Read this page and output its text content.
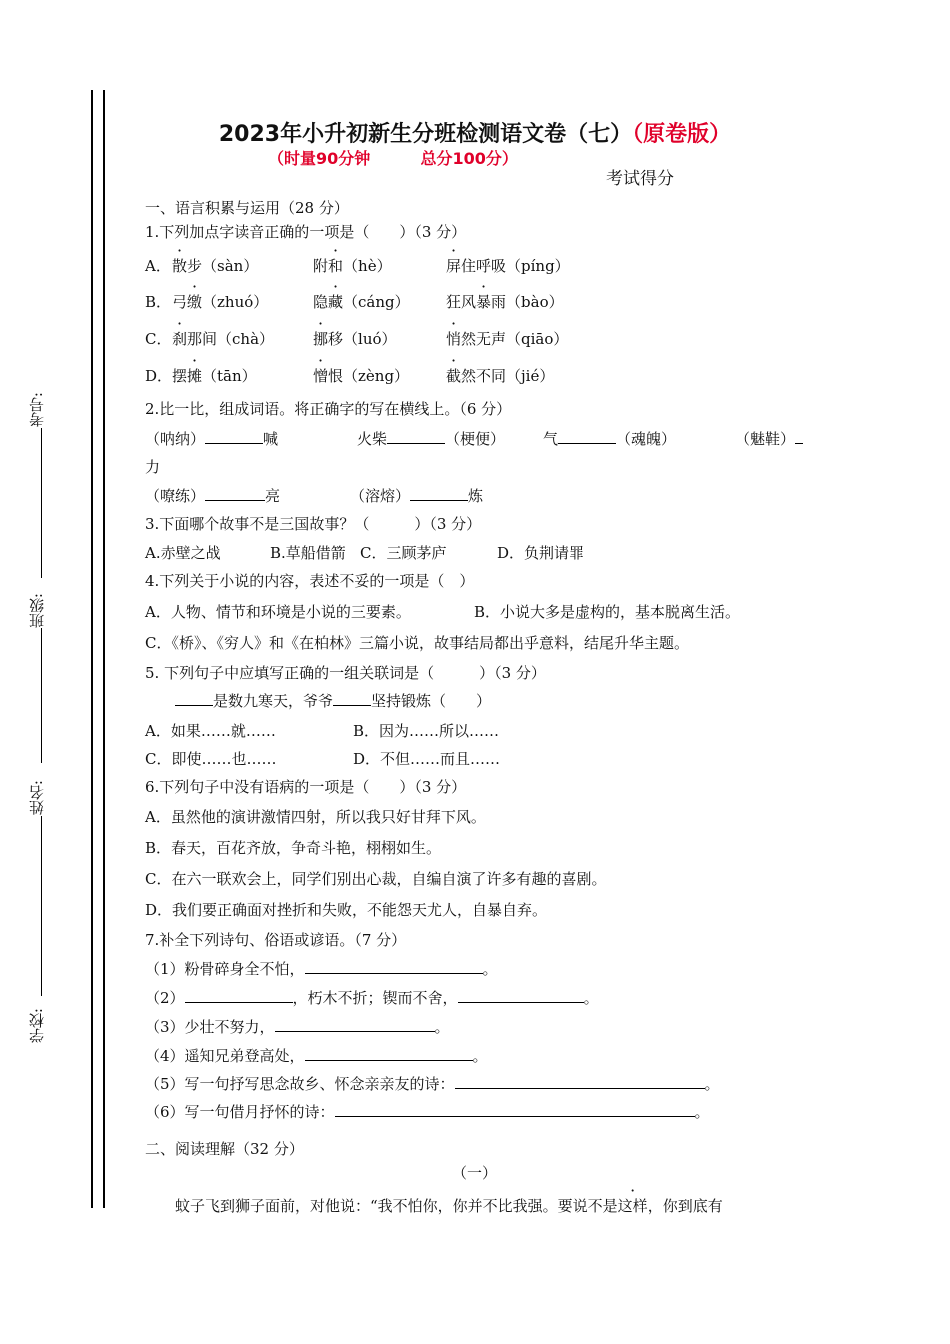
考号:
班级:
姓名:
学校:
2023年小升初新生分班检测语文卷（七）（原卷版）
（时量90分钟	总分100分）
考试得分
一、语言积累与运用（28 分）
1.下列加点字读音正确的一项是（　　）（3 分）
A． 散步（sàn）	附和（hè）	屏住呼吸（píng）
B． 弓缴（zhuó）	隐藏（cáng） 狂风暴雨（bào）
C． 刹那间（chà）	挪移（luó）	悄然无声（qiāo）
D． 摆摊（tān）	憎恨（zèng） 截然不同（jié）
2.比一比，组成词语。将正确字的写在横线上。（6 分）
（呐纳）	喊	火柴	（梗便）	气	（魂魄）	（魅鞋）
力
（嘹练）	亮	（溶熔）	炼
3.下面哪个故事不是三国故事？（　　　）（3 分）
A.赤壁之战	B.草船借箭 C．三顾茅庐	D．负荆请罪
4.下列关于小说的内容，表述不妥的一项是（　）
A．人物、情节和环境是小说的三要素。	B．小说大多是虚构的，基本脱离生活。
C．《桥》、《穷人》和《在柏林》三篇小说，故事结局都出乎意料，结尾升华主题。
5. 下列句子中应填写正确的一组关联词是（　　　）（3 分）
　　是数九寒天，爷爷	坚持锻炼（　　）
A．如果……就……	B．因为……所以……
C．即使……也……	D．不但……而且……
6.下列句子中没有语病的一项是（　　）（3 分）
A．虽然他的演讲激情四射，所以我只好甘拜下风。
B．春天，百花齐放，争奇斗艳，栩栩如生。
C．在六一联欢会上，同学们别出心裁，自编自演了许多有趣的喜剧。
D．我们要正确面对挫折和失败，不能怨天尤人，自暴自弃。
7.补全下列诗句、俗语或谚语。（7 分）
（1）粉骨碎身全不怕，	。
（2）	，朽木不折；锲而不舍，	。
（3）少壮不努力，	。
（4）遥知兄弟登高处，	。
（5）写一句抒写思念故乡、怀念亲亲友的诗：	。
（6）写一句借月抒怀的诗：	。
二、阅读理解（32 分）
（一）
　　蚊子飞到狮子面前，对他说：“我不怕你，你并不比我强。要说不是这样，你到底有
